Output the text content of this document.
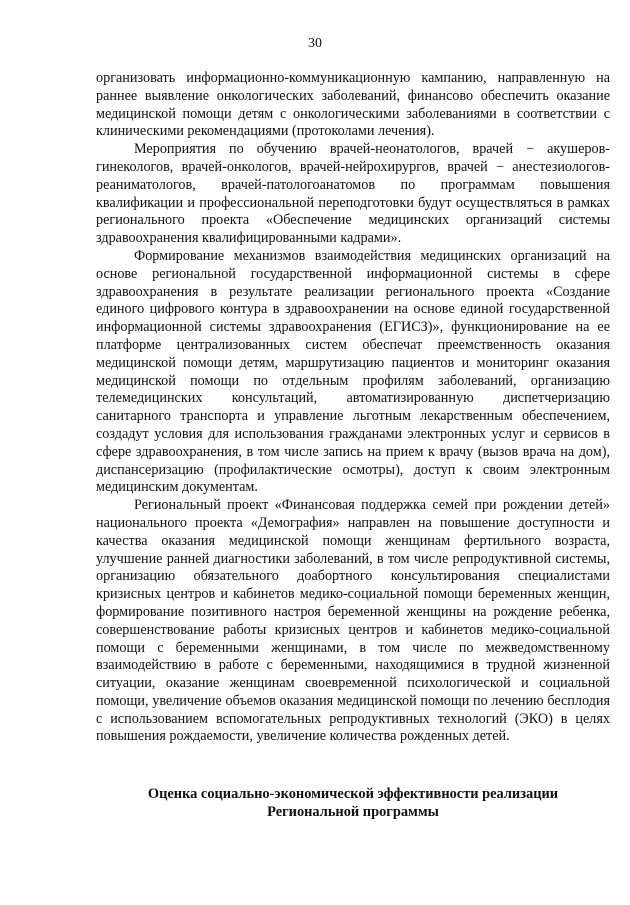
30

организовать информационно-коммуникационную кампанию, направленную на раннее выявление онкологических заболеваний, финансово обеспечить оказание медицинской помощи детям с онкологическими заболеваниями в соответствии с клиническими рекомендациями (протоколами лечения).

Мероприятия по обучению врачей-неонатологов, врачей − акушеров-гинекологов, врачей-онкологов, врачей-нейрохирургов, врачей − анестезиологов-реаниматологов, врачей-патологоанатомов по программам повышения квалификации и профессиональной переподготовки будут осуществляться в рамках регионального проекта «Обеспечение медицинских организаций системы здравоохранения квалифицированными кадрами».

Формирование механизмов взаимодействия медицинских организаций на основе региональной государственной информационной системы в сфере здравоохранения в результате реализации регионального проекта «Создание единого цифрового контура в здравоохранении на основе единой государственной информационной системы здравоохранения (ЕГИСЗ)», функционирование на ее платформе централизованных систем обеспечат преемственность оказания медицинской помощи детям, маршрутизацию пациентов и мониторинг оказания медицинской помощи по отдельным профилям заболеваний, организацию телемедицинских консультаций, автоматизированную диспетчеризацию санитарного транспорта и управление льготным лекарственным обеспечением, создадут условия для использования гражданами электронных услуг и сервисов в сфере здравоохранения, в том числе запись на прием к врачу (вызов врача на дом), диспансеризацию (профилактические осмотры), доступ к своим электронным медицинским документам.

Региональный проект «Финансовая поддержка семей при рождении детей» национального проекта «Демография» направлен на повышение доступности и качества оказания медицинской помощи женщинам фертильного возраста, улучшение ранней диагностики заболеваний, в том числе репродуктивной системы, организацию обязательного доабортного консультирования специалистами кризисных центров и кабинетов медико-социальной помощи беременных женщин, формирование позитивного настроя беременной женщины на рождение ребенка, совершенствование работы кризисных центров и кабинетов медико-социальной помощи с беременными женщинами, в том числе по межведомственному взаимодействию в работе с беременными, находящимися в трудной жизненной ситуации, оказание женщинам своевременной психологической и социальной помощи, увеличение объемов оказания медицинской помощи по лечению бесплодия с использованием вспомогательных репродуктивных технологий (ЭКО) в целях повышения рождаемости, увеличение количества рожденных детей.

Оценка социально-экономической эффективности реализации
Региональной программы
